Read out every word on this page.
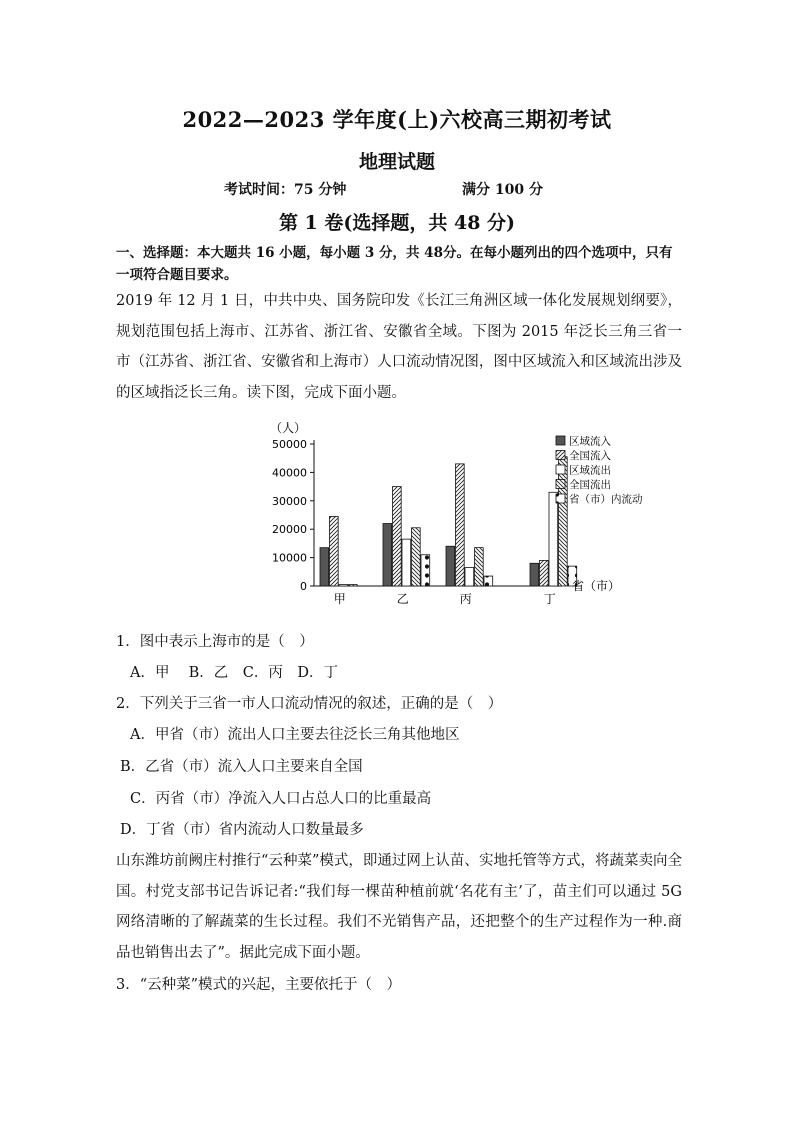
2022—2023 学年度(上)六校高三期初考试
地理试题
考试时间：75 分钟	满分 100 分
第 1 卷(选择题，共 48 分)
一、选择题：本大题共 16 小题，每小题 3 分，共 48分。在每小题列出的四个选项中，只有一项符合题目要求。
2019 年 12 月 1 日，中共中央、国务院印发《长江三角洲区域一体化发展规划纲要》，规划范围包括上海市、江苏省、浙江省、安徽省全域。下图为 2015 年泛长三角三省一市（江苏省、浙江省、安徽省和上海市）人口流动情况图，图中区域流入和区域流出涉及的区域指泛长三角。读下图，完成下面小题。
（人）
50000
40000
30000
20000
10000
0
甲	乙	丙	丁
省（市）
区域流入
全国流入
区域流出
全国流出
省（市）内流动
1．图中表示上海市的是（　）
A．甲　 B．乙　C．丙　D．丁
2．下列关于三省一市人口流动情况的叙述，正确的是（　）
A．甲省（市）流出人口主要去往泛长三角其他地区
B．乙省（市）流入人口主要来自全国
C．丙省（市）净流入人口占总人口的比重最高
D．丁省（市）省内流动人口数量最多
山东潍坊前阙庄村推行“云种菜”模式，即通过网上认苗、实地托管等方式，将蔬菜卖向全国。村党支部书记告诉记者:“我们每一棵苗种植前就‘名花有主’了，苗主们可以通过 5G 网络清晰的了解蔬菜的生长过程。我们不光销售产品，还把整个的生产过程作为一种.商品也销售出去了”。据此完成下面小题。
3．“云种菜”模式的兴起，主要依托于（　）
